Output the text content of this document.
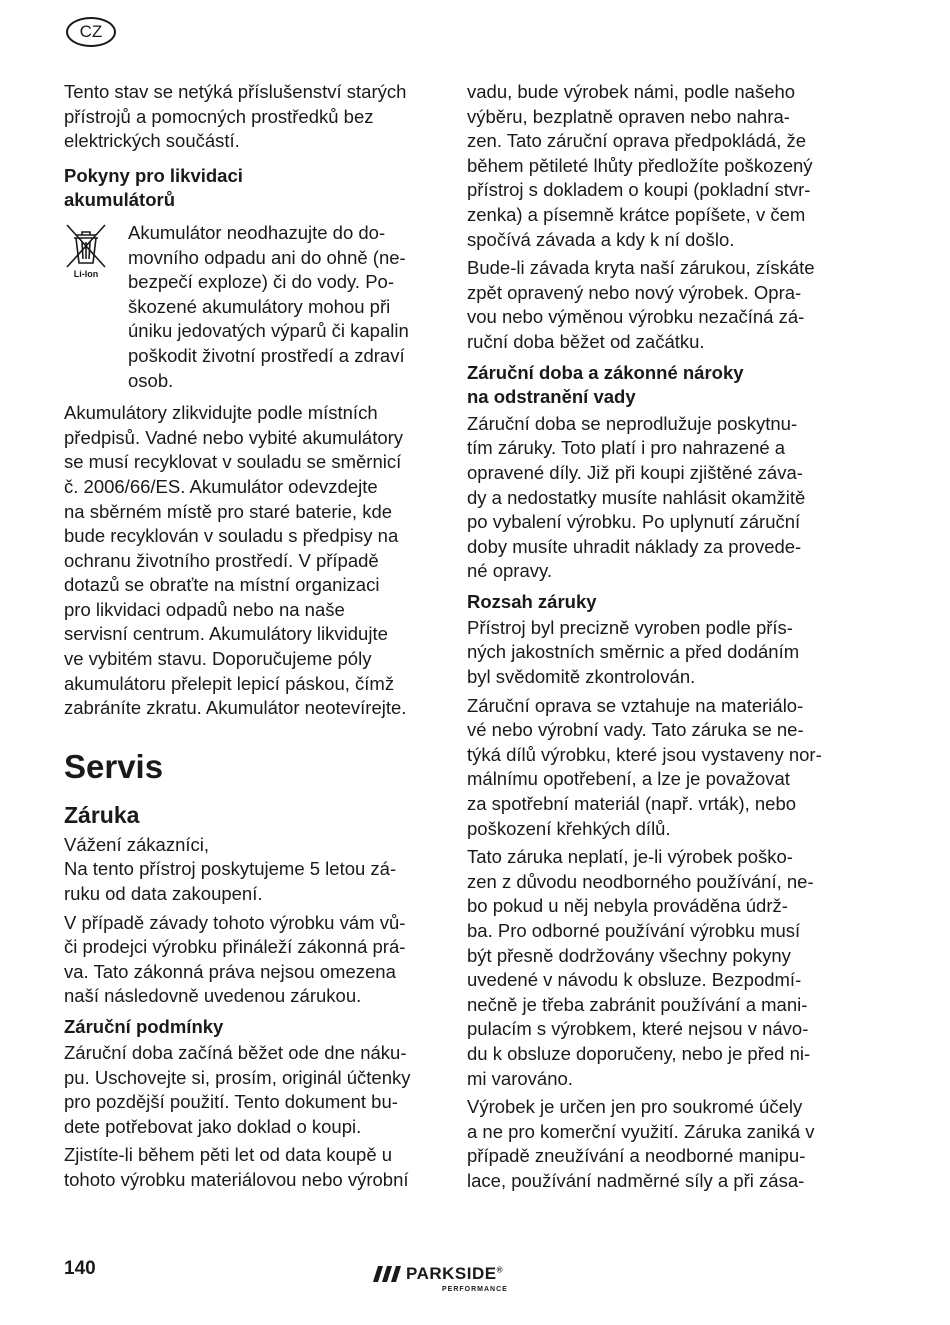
CZ

Tento stav se netýká příslušenství starých
přístrojů a pomocných prostředků bez
elektrických součástí.

Pokyny pro likvidaci
akumulátorů
Li-Ion

Akumulátor neodhazujte do do-
movního odpadu ani do ohně (ne-
bezpečí exploze) či do vody. Po-
škozené akumulátory mohou při
úniku jedovatých výparů či kapalin
poškodit životní prostředí a zdraví
osob.

Akumulátory zlikvidujte podle místních
předpisů. Vadné nebo vybité akumulátory
se musí recyklovat v souladu se směrnicí
č. 2006/66/ES. Akumulátor odevzdejte
na sběrném místě pro staré baterie, kde
bude recyklován v souladu s předpisy na
ochranu životního prostředí. V případě
dotazů se obraťte na místní organizaci
pro likvidaci odpadů nebo na naše
servisní centrum. Akumulátory likvidujte
ve vybitém stavu. Doporučujeme póly
akumulátoru přelepit lepicí páskou, čímž
zabráníte zkratu. Akumulátor neotevírejte.

Servis
Záruka

Vážení zákazníci,
Na tento přístroj poskytujeme 5 letou zá-
ruku od data zakoupení.

V případě závady tohoto výrobku vám vů-
či prodejci výrobku přináleží zákonná prá-
va. Tato zákonná práva nejsou omezena
naší následovně uvedenou zárukou.

Záruční podmínky

Záruční doba začíná běžet ode dne náku-
pu. Uschovejte si, prosím, originál účtenky
pro pozdější použití. Tento dokument bu-
dete potřebovat jako doklad o koupi.

Zjistíte-li během pěti let od data koupě u
tohoto výrobku materiálovou nebo výrobní

vadu, bude výrobek námi, podle našeho
výběru, bezplatně opraven nebo nahra-
zen. Tato záruční oprava předpokládá, že
během pětileté lhůty předložíte poškozený
přístroj s dokladem o koupi (pokladní stvr-
zenka) a písemně krátce popíšete, v čem
spočívá závada a kdy k ní došlo.

Bude-li závada kryta naší zárukou, získáte
zpět opravený nebo nový výrobek. Opra-
vou nebo výměnou výrobku nezačíná zá-
ruční doba běžet od začátku.

Záruční doba a zákonné nároky
na odstranění vady

Záruční doba se neprodlužuje poskytnu-
tím záruky. Toto platí i pro nahrazené a
opravené díly. Již při koupi zjištěné záva-
dy a nedostatky musíte nahlásit okamžitě
po vybalení výrobku. Po uplynutí záruční
doby musíte uhradit náklady za provede-
né opravy.

Rozsah záruky

Přístroj byl precizně vyroben podle přís-
ných jakostních směrnic a před dodáním
byl svědomitě zkontrolován.

Záruční oprava se vztahuje na materiálo-
vé nebo výrobní vady. Tato záruka se ne-
týká dílů výrobku, které jsou vystaveny nor-
málnímu opotřebení, a lze je považovat
za spotřební materiál (např. vrták), nebo
poškození křehkých dílů.

Tato záruka neplatí, je-li výrobek poško-
zen z důvodu neodborného používání, ne-
bo pokud u něj nebyla prováděna údrž-
ba. Pro odborné používání výrobku musí
být přesně dodržovány všechny pokyny
uvedené v návodu k obsluze. Bezpodmí-
nečně je třeba zabránit používání a mani-
pulacím s výrobkem, které nejsou v návo-
du k obsluze doporučeny, nebo je před ni-
mi varováno.

Výrobek je určen jen pro soukromé účely
a ne pro komerční využití. Záruka zaniká v
případě zneužívání a neodborné manipu-
lace, používání nadměrné síly a při zása-

140	PARKSIDE®
PERFORMANCE
